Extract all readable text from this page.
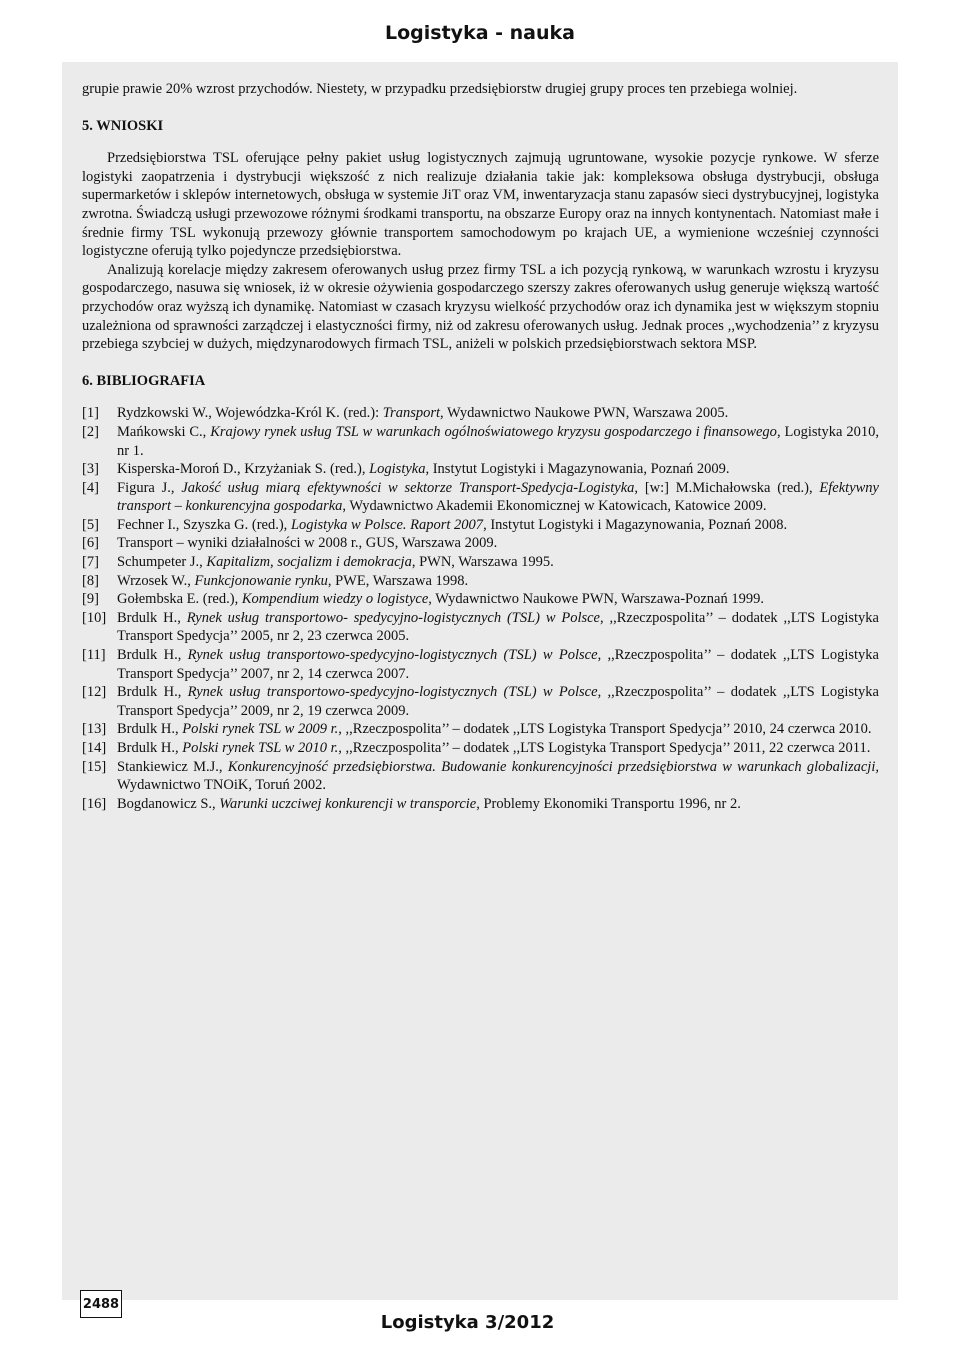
Logistyka - nauka

grupie prawie 20% wzrost przychodów. Niestety, w przypadku przedsiębiorstw drugiej grupy proces ten przebiega wolniej.

5. WNIOSKI

Przedsiębiorstwa TSL oferujące pełny pakiet usług logistycznych zajmują ugruntowane, wysokie pozycje rynkowe. W sferze logistyki zaopatrzenia i dystrybucji większość z nich realizuje działania takie jak: kompleksowa obsługa dystrybucji, obsługa supermarketów i sklepów internetowych, obsługa w systemie JiT oraz VM, inwentaryzacja stanu zapasów sieci dystrybucyjnej, logistyka zwrotna. Świadczą usługi przewozowe różnymi środkami transportu, na obszarze Europy oraz na innych kontynentach. Natomiast małe i średnie firmy TSL wykonują przewozy głównie transportem samochodowym po krajach UE, a wymienione wcześniej czynności logistyczne oferują tylko pojedyncze przedsiębiorstwa.

Analizują korelacje między zakresem oferowanych usług przez firmy TSL a ich pozycją rynkową, w warunkach wzrostu i kryzysu gospodarczego, nasuwa się wniosek, iż w okresie ożywienia gospodarczego szerszy zakres oferowanych usług generuje większą wartość przychodów oraz wyższą ich dynamikę. Natomiast w czasach kryzysu wielkość przychodów oraz ich dynamika jest w większym stopniu uzależniona od sprawności zarządczej i elastyczności firmy, niż od zakresu oferowanych usług. Jednak proces ,,wychodzenia’’ z kryzysu przebiega szybciej w dużych, międzynarodowych firmach TSL, aniżeli w polskich przedsiębiorstwach sektora MSP.

6. BIBLIOGRAFIA
[1] Rydzkowski W., Wojewódzka-Król K. (red.): Transport, Wydawnictwo Naukowe PWN, Warszawa 2005.
[2] Mańkowski C., Krajowy rynek usług TSL w warunkach ogólnoświatowego kryzysu gospodarczego i finansowego, Logistyka 2010, nr 1.
[3] Kisperska-Moroń D., Krzyżaniak S. (red.), Logistyka, Instytut Logistyki i Magazynowania, Poznań 2009.
[4] Figura J., Jakość usług miarą efektywności w sektorze Transport-Spedycja-Logistyka, [w:] M.Michałowska (red.), Efektywny transport – konkurencyjna gospodarka, Wydawnictwo Akademii Ekonomicznej w Katowicach, Katowice 2009.
[5] Fechner I., Szyszka G. (red.), Logistyka w Polsce. Raport 2007, Instytut Logistyki i Magazynowania, Poznań 2008.
[6] Transport – wyniki działalności w 2008 r., GUS, Warszawa 2009.
[7] Schumpeter J., Kapitalizm, socjalizm i demokracja, PWN, Warszawa 1995.
[8] Wrzosek W., Funkcjonowanie rynku, PWE, Warszawa 1998.
[9] Gołembska E. (red.), Kompendium wiedzy o logistyce, Wydawnictwo Naukowe PWN, Warszawa-Poznań 1999.
[10] Brdulk H., Rynek usług transportowo- spedycyjno-logistycznych (TSL) w Polsce, ,,Rzeczpospolita’’ – dodatek ,,LTS Logistyka Transport Spedycja’’ 2005, nr 2, 23 czerwca 2005.
[11] Brdulk H., Rynek usług transportowo-spedycyjno-logistycznych (TSL) w Polsce, ,,Rzeczpospolita’’ – dodatek ,,LTS Logistyka Transport Spedycja’’ 2007, nr 2, 14 czerwca 2007.
[12] Brdulk H., Rynek usług transportowo-spedycyjno-logistycznych (TSL) w Polsce, ,,Rzeczpospolita’’ – dodatek ,,LTS Logistyka Transport Spedycja’’ 2009, nr 2, 19 czerwca 2009.
[13] Brdulk H., Polski rynek TSL w 2009 r., ,,Rzeczpospolita’’ – dodatek ,,LTS Logistyka Transport Spedycja’’ 2010, 24 czerwca 2010.
[14] Brdulk H., Polski rynek TSL w 2010 r., ,,Rzeczpospolita’’ – dodatek ,,LTS Logistyka Transport Spedycja’’ 2011, 22 czerwca 2011.
[15] Stankiewicz M.J., Konkurencyjność przedsiębiorstwa. Budowanie konkurencyjności przedsiębiorstwa w warunkach globalizacji, Wydawnictwo TNOiK, Toruń 2002.
[16] Bogdanowicz S., Warunki uczciwej konkurencji w transporcie, Problemy Ekonomiki Transportu 1996, nr 2.
2488
Logistyka 3/2012
